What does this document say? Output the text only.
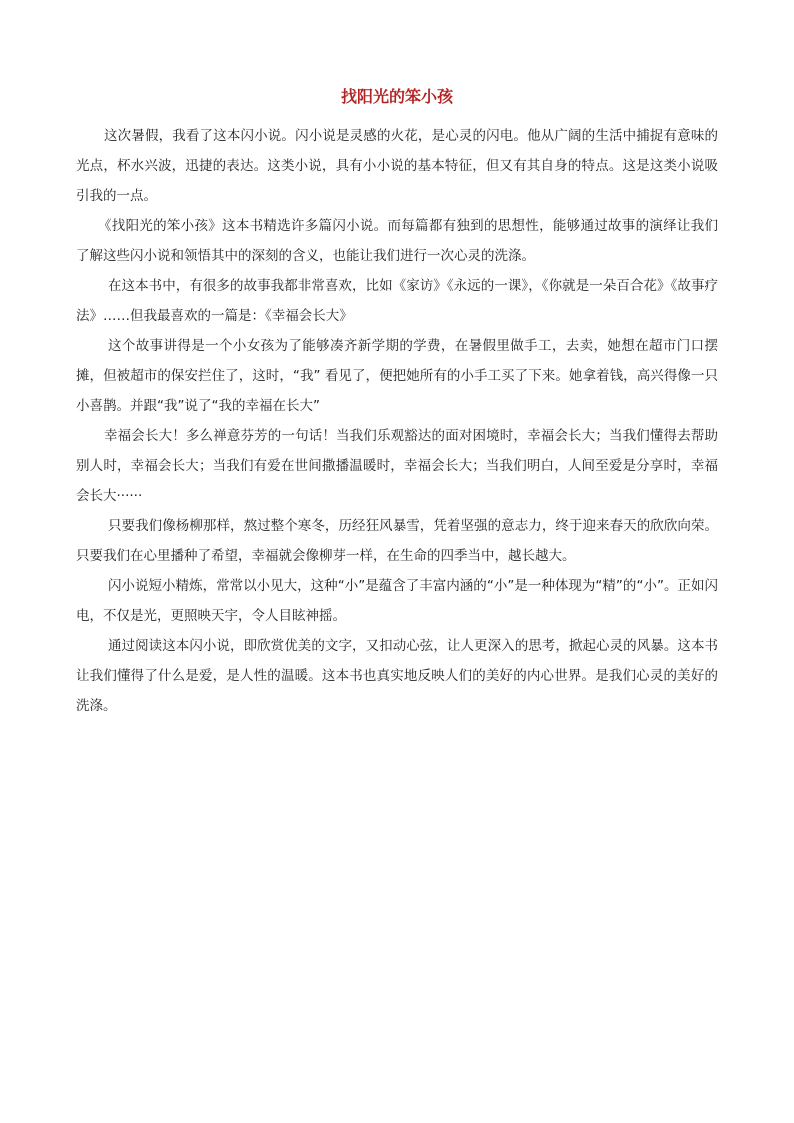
找阳光的笨小孩

这次暑假，我看了这本闪小说。闪小说是灵感的火花，是心灵的闪电。他从广阔的生活中捕捉有意味的光点，杯水兴波，迅捷的表达。这类小说，具有小小说的基本特征，但又有其自身的特点。这是这类小说吸引我的一点。

《找阳光的笨小孩》这本书精选许多篇闪小说。而每篇都有独到的思想性，能够通过故事的演绎让我们了解这些闪小说和领悟其中的深刻的含义，也能让我们进行一次心灵的洗涤。

在这本书中，有很多的故事我都非常喜欢，比如《家访》《永远的一课》，《你就是一朵百合花》《故事疗法》……但我最喜欢的一篇是：《幸福会长大》

这个故事讲得是一个小女孩为了能够凑齐新学期的学费，在暑假里做手工，去卖，她想在超市门口摆摊，但被超市的保安拦住了，这时，“我” 看见了，便把她所有的小手工买了下来。她拿着钱，高兴得像一只小喜鹊。并跟“我”说了“我的幸福在长大”

幸福会长大！多么禅意芬芳的一句话！当我们乐观豁达的面对困境时，幸福会长大；当我们懂得去帮助别人时，幸福会长大；当我们有爱在世间撒播温暖时，幸福会长大；当我们明白，人间至爱是分享时，幸福会长大······

只要我们像杨柳那样，熬过整个寒冬，历经狂风暴雪，凭着坚强的意志力，终于迎来春天的欣欣向荣。只要我们在心里播种了希望，幸福就会像柳芽一样，在生命的四季当中，越长越大。

闪小说短小精炼，常常以小见大，这种“小”是蕴含了丰富内涵的“小”是一种体现为“精”的“小”。正如闪电，不仅是光，更照映天宇，令人目眩神摇。

通过阅读这本闪小说，即欣赏优美的文字，又扣动心弦，让人更深入的思考，掀起心灵的风暴。这本书让我们懂得了什么是爱，是人性的温暖。这本书也真实地反映人们的美好的内心世界。是我们心灵的美好的洗涤。
